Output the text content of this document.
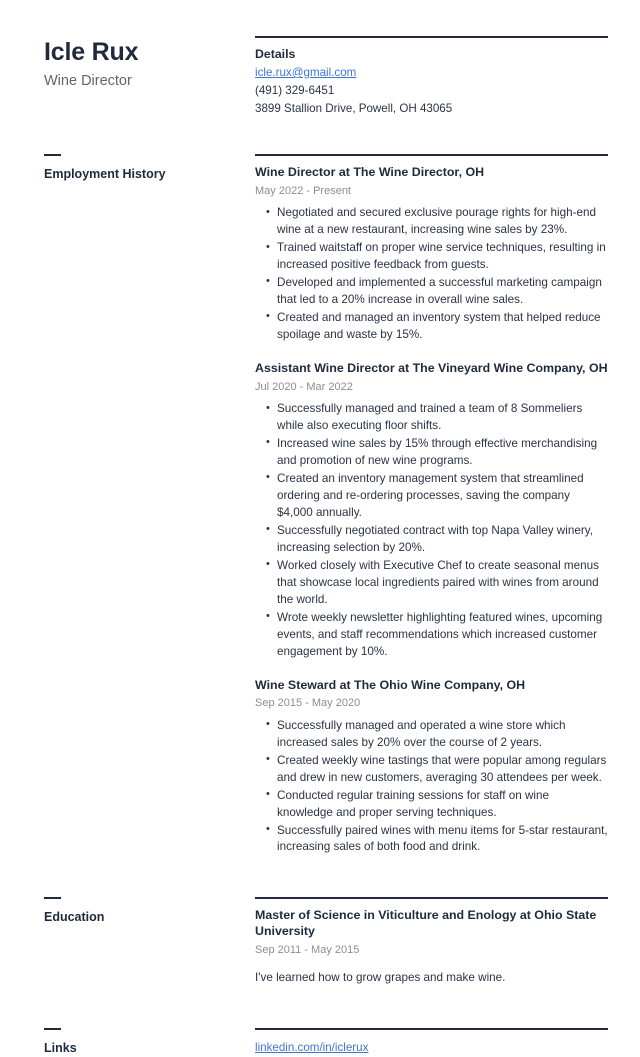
Icle Rux
Wine Director
Details
icle.rux@gmail.com
(491) 329-6451
3899 Stallion Drive, Powell, OH 43065
Employment History	Wine Director at The Wine Director, OH
May 2022 - Present
• Negotiated and secured exclusive pourage rights for high-end wine at a new restaurant, increasing wine sales by 23%.
• Trained waitstaff on proper wine service techniques, resulting in increased positive feedback from guests.
• Developed and implemented a successful marketing campaign that led to a 20% increase in overall wine sales.
• Created and managed an inventory system that helped reduce spoilage and waste by 15%.
Assistant Wine Director at The Vineyard Wine Company, OH
Jul 2020 - Mar 2022
• Successfully managed and trained a team of 8 Sommeliers while also executing floor shifts.
• Increased wine sales by 15% through effective merchandising and promotion of new wine programs.
• Created an inventory management system that streamlined ordering and re-ordering processes, saving the company $4,000 annually.
• Successfully negotiated contract with top Napa Valley winery, increasing selection by 20%.
• Worked closely with Executive Chef to create seasonal menus that showcase local ingredients paired with wines from around the world.
• Wrote weekly newsletter highlighting featured wines, upcoming events, and staff recommendations which increased customer engagement by 10%.
Wine Steward at The Ohio Wine Company, OH
Sep 2015 - May 2020
• Successfully managed and operated a wine store which increased sales by 20% over the course of 2 years.
• Created weekly wine tastings that were popular among regulars and drew in new customers, averaging 30 attendees per week.
• Conducted regular training sessions for staff on wine knowledge and proper serving techniques.
• Successfully paired wines with menu items for 5-star restaurant, increasing sales of both food and drink.
Education	Master of Science in Viticulture and Enology at Ohio State University
Sep 2011 - May 2015
I've learned how to grow grapes and make wine.
Links	linkedin.com/in/iclerux
